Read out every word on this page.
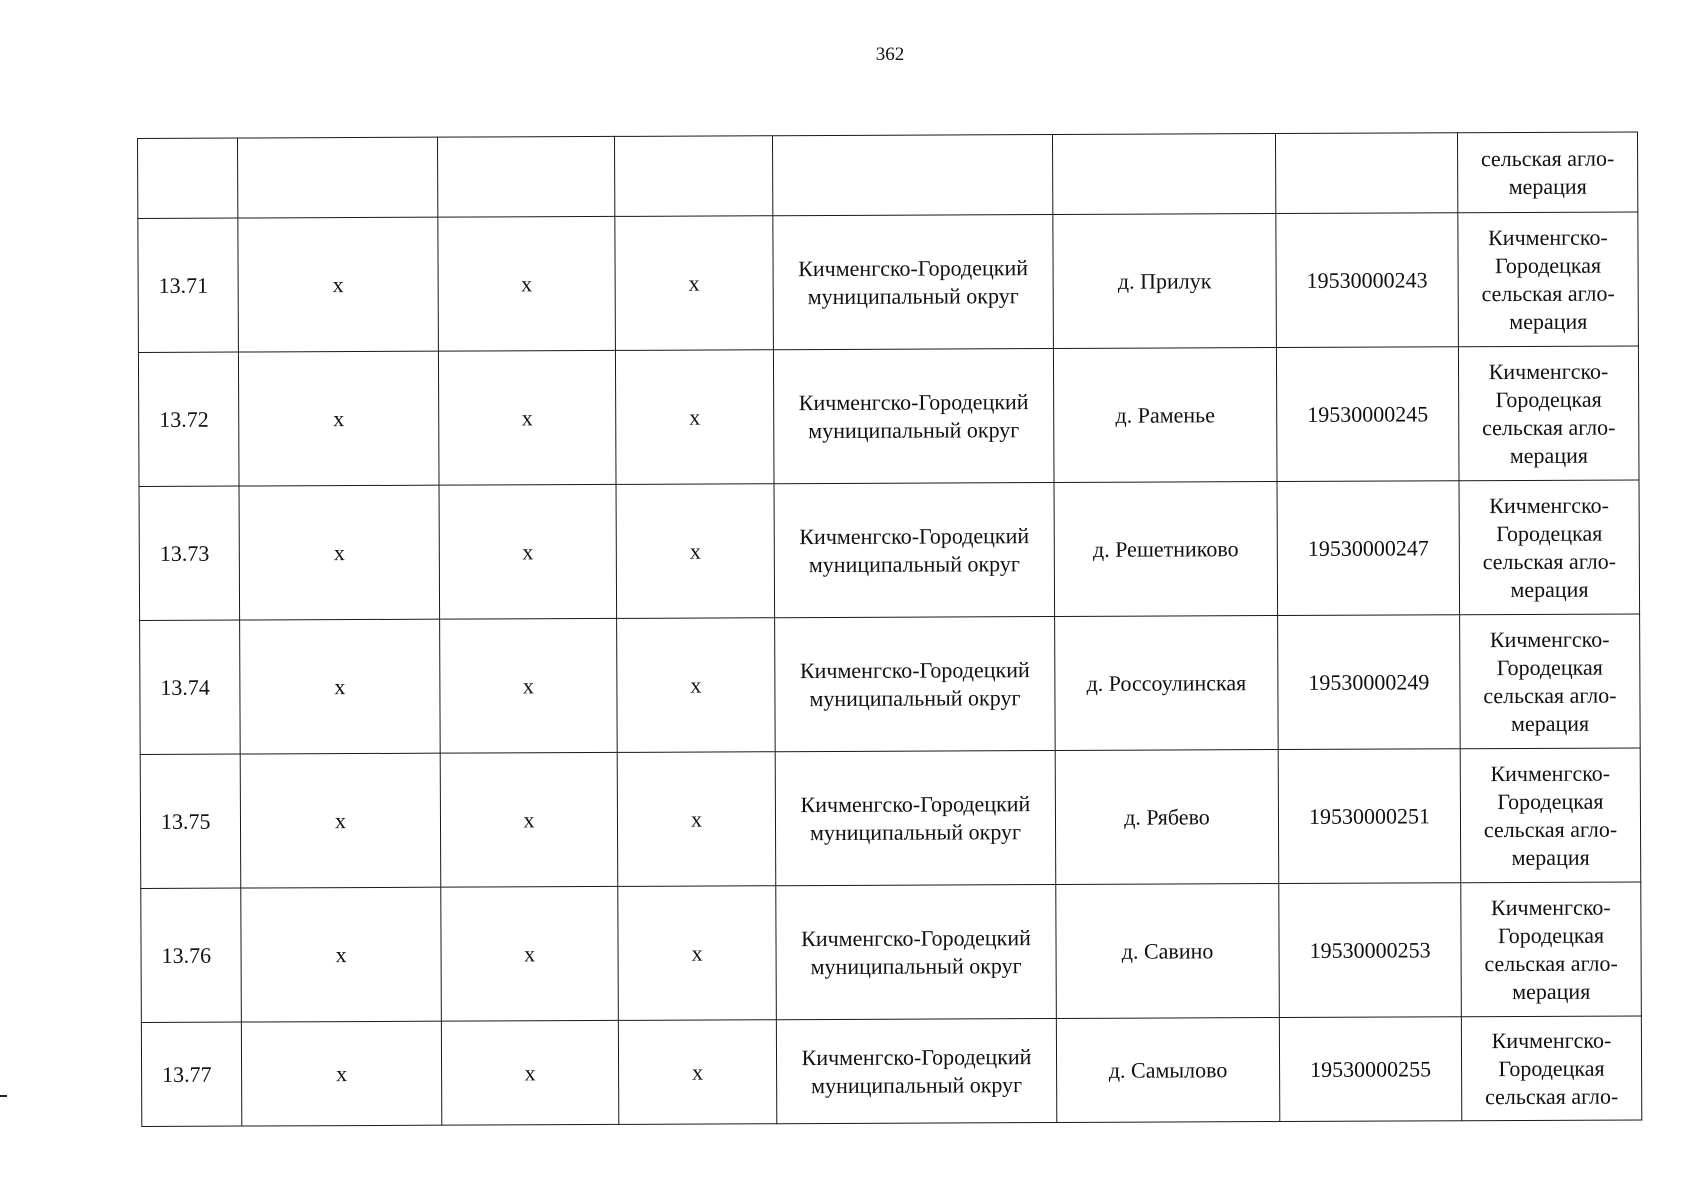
362

							сельская агло-
мерация

13.71	х	х	х	Кичменгско-Городецкий
муниципальный округ	д. Прилук	19530000243	Кичменгско-
Городецкая
сельская агло-
мерация

13.72	х	х	х	Кичменгско-Городецкий
муниципальный округ	д. Раменье	19530000245	Кичменгско-
Городецкая
сельская агло-
мерация

13.73	х	х	х	Кичменгско-Городецкий
муниципальный округ	д. Решетниково	19530000247	Кичменгско-
Городецкая
сельская агло-
мерация

13.74	х	х	х	Кичменгско-Городецкий
муниципальный округ	д. Россоулинская	19530000249	Кичменгско-
Городецкая
сельская агло-
мерация

13.75	х	х	х	Кичменгско-Городецкий
муниципальный округ	д. Рябево	19530000251	Кичменгско-
Городецкая
сельская агло-
мерация

13.76	х	х	х	Кичменгско-Городецкий
муниципальный округ	д. Савино	19530000253	Кичменгско-
Городецкая
сельская агло-
мерация

13.77	х	х	х	Кичменгско-Городецкий
муниципальный округ	д. Самылово	19530000255	Кичменгско-
Городецкая
сельская агло-
